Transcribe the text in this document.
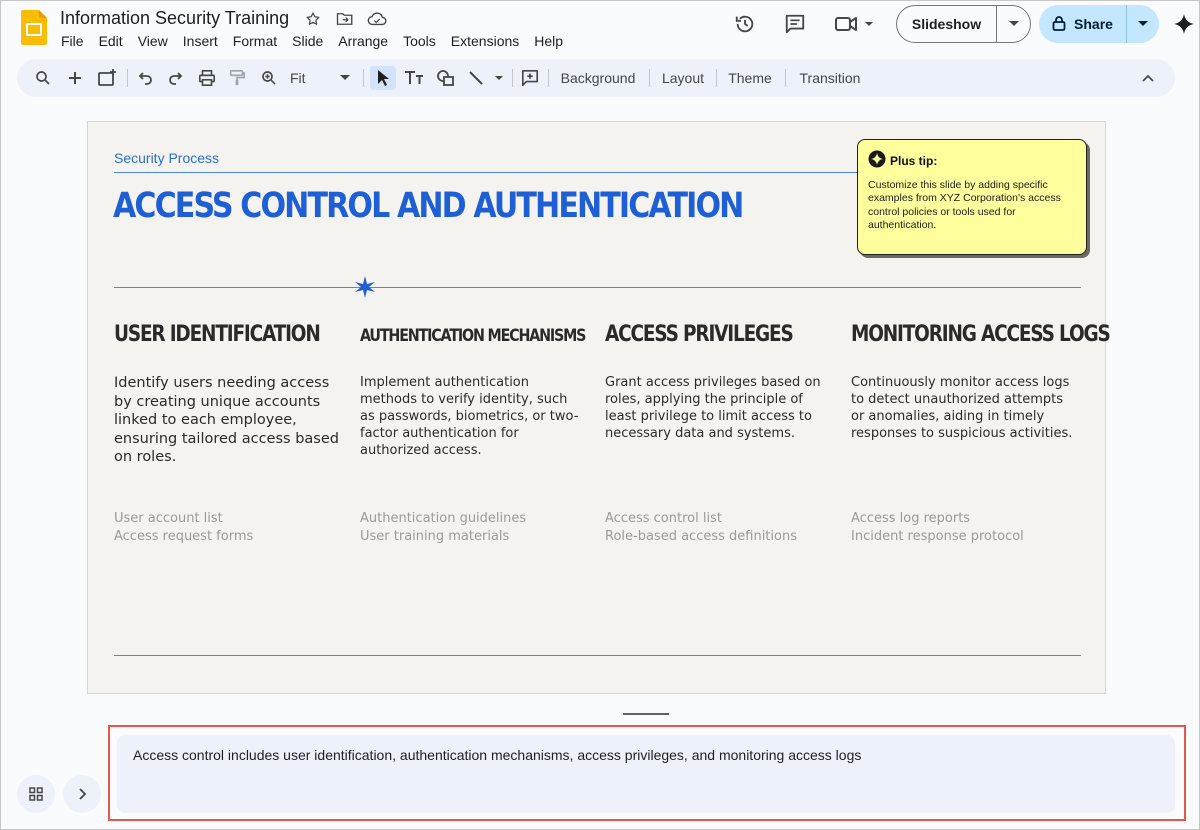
Information Security Training
File	Edit	View	Insert	Format	Slide	Arrange	Tools	Extensions	Help
Slideshow	Share
Fit	Background Layout Theme Transition
Security Process
ACCESS CONTROL AND AUTHENTICATION
USER IDENTIFICATION
Identify users needing access by creating unique accounts linked to each employee, ensuring tailored access based on roles.
User account list
Access request forms
AUTHENTICATION MECHANISMS
Implement authentication methods to verify identity, such as passwords, biometrics, or two-factor authentication for authorized access.
Authentication guidelines
User training materials
ACCESS PRIVILEGES
Grant access privileges based on roles, applying the principle of least privilege to limit access to necessary data and systems.
Access control list
Role-based access definitions
MONITORING ACCESS LOGS
Continuously monitor access logs to detect unauthorized attempts or anomalies, aiding in timely responses to suspicious activities.
Access log reports
Incident response protocol
Plus tip:
Customize this slide by adding specific examples from XYZ Corporation's access control policies or tools used for authentication.
Access control includes user identification, authentication mechanisms, access privileges, and monitoring access logs
